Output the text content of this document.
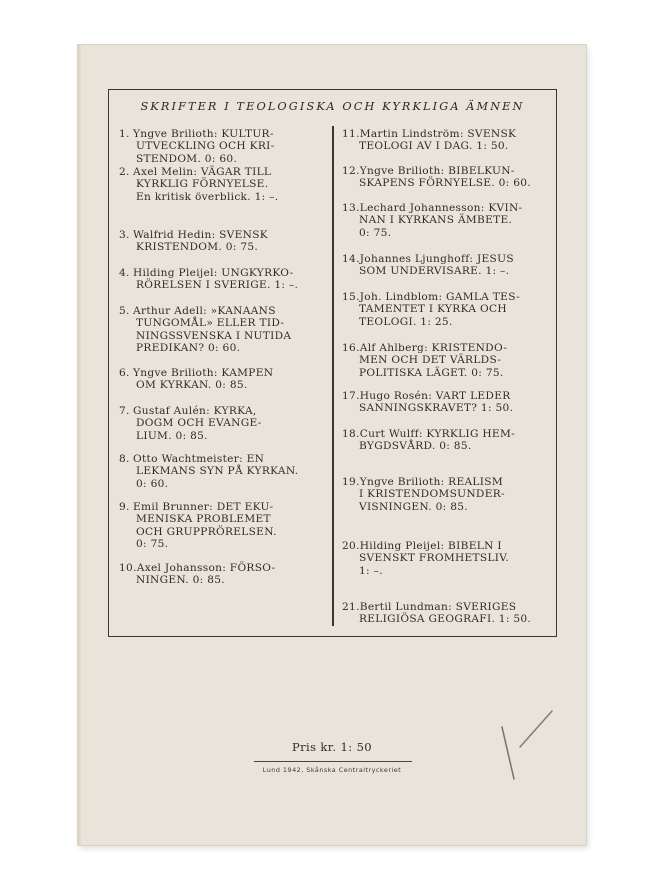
SKRIFTER I TEOLOGISKA OCH KYRKLIGA ÄMNEN
1.Yngve Brilioth: KULTUR-
UTVECKLING OCH KRI-
STENDOM. 0: 60.
2.Axel Melin: VÄGAR TILL
KYRKLIG FÖRNYELSE.
En kritisk överblick. 1: –.
3.Walfrid Hedin: SVENSK
KRISTENDOM. 0: 75.
4.Hilding Pleijel: UNGKYRKO-
RÖRELSEN I SVERIGE. 1: –.
5.Arthur Adell: »KANAANS
TUNGOMÅL» ELLER TID-
NINGSSVENSKA I NUTIDA
PREDIKAN? 0: 60.
6.Yngve Brilioth: KAMPEN
OM KYRKAN. 0: 85.
7.Gustaf Aulén: KYRKA,
DOGM OCH EVANGE-
LIUM. 0: 85.
8.Otto Wachtmeister: EN
LEKMANS SYN PÅ KYRKAN.
0: 60.
9.Emil Brunner: DET EKU-
MENISKA PROBLEMET
OCH GRUPPRÖRELSEN.
0: 75.
10.Axel Johansson: FÖRSO-
NINGEN. 0: 85.
11.Martin Lindström: SVENSK
TEOLOGI AV I DAG. 1: 50.
12.Yngve Brilioth: BIBELKUN-
SKAPENS FÖRNYELSE. 0: 60.
13.Lechard Johannesson: KVIN-
NAN I KYRKANS ÄMBETE.
0: 75.
14.Johannes Ljunghoff: JESUS
SOM UNDERVISARE. 1: –.
15.Joh. Lindblom: GAMLA TES-
TAMENTET I KYRKA OCH
TEOLOGI. 1: 25.
16.Alf Ahlberg: KRISTENDO-
MEN OCH DET VÄRLDS-
POLITISKA LÄGET. 0: 75.
17.Hugo Rosén: VART LEDER
SANNINGSKRAVET? 1: 50.
18.Curt Wulff: KYRKLIG HEM-
BYGDSVÅRD. 0: 85.
19.Yngve Brilioth: REALISM
I KRISTENDOMSUNDER-
VISNINGEN. 0: 85.
20.Hilding Pleijel: BIBELN I
SVENSKT FROMHETSLIV.
1: –.
21.Bertil Lundman: SVERIGES
RELIGIÖSA GEOGRAFI. 1: 50.
Pris kr. 1: 50
Lund 1942, Skånska Centraltryckeriet
